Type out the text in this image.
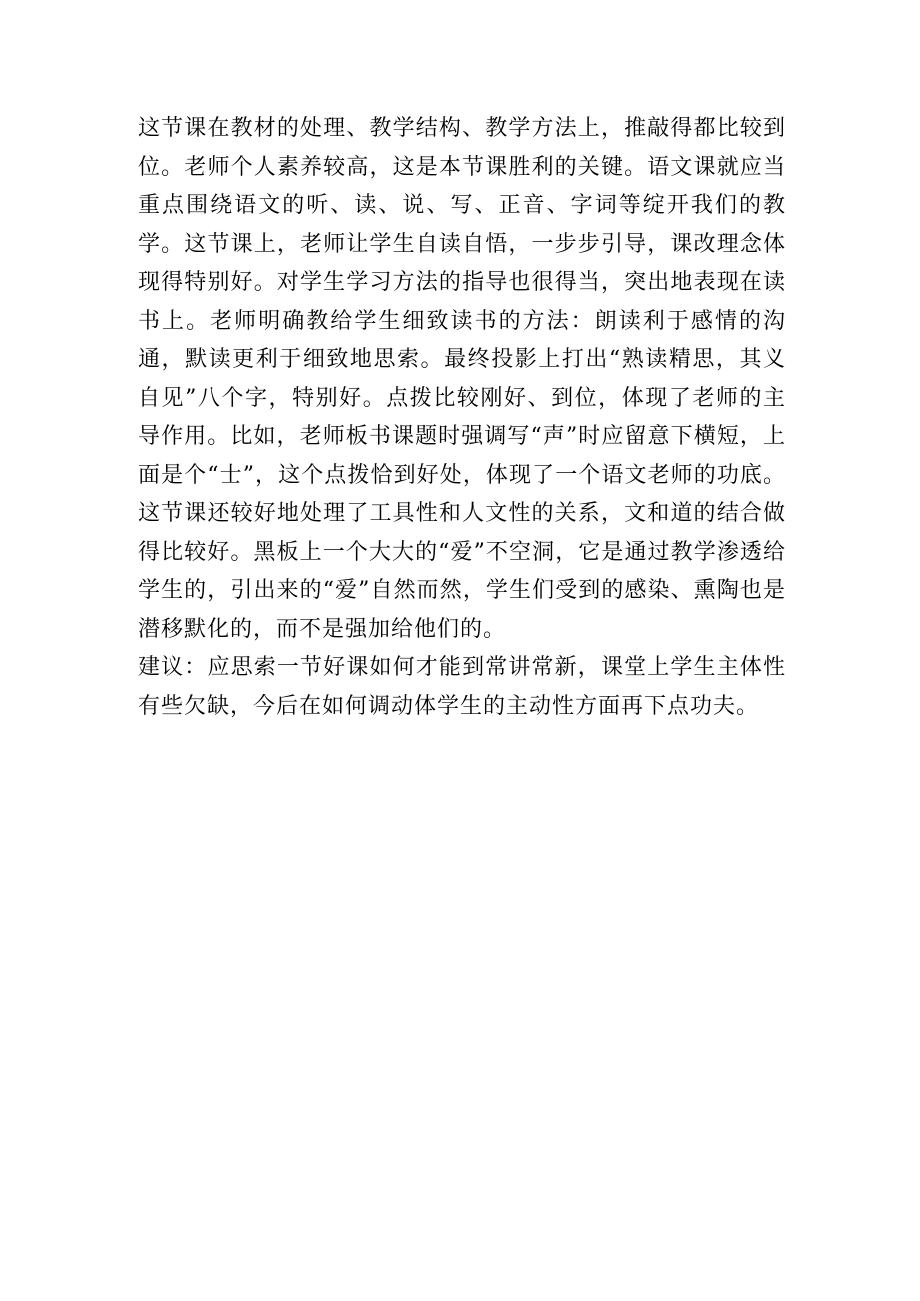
这节课在教材的处理、教学结构、教学方法上，推敲得都比较到位。老师个人素养较高，这是本节课胜利的关键。语文课就应当重点围绕语文的听、读、说、写、正音、字词等绽开我们的教学。这节课上，老师让学生自读自悟，一步步引导，课改理念体现得特别好。对学生学习方法的指导也很得当，突出地表现在读书上。老师明确教给学生细致读书的方法：朗读利于感情的沟通，默读更利于细致地思索。最终投影上打出“熟读精思，其义自见”八个字，特别好。点拨比较刚好、到位，体现了老师的主导作用。比如，老师板书课题时强调写“声”时应留意下横短，上面是个“士”，这个点拨恰到好处，体现了一个语文老师的功底。这节课还较好地处理了工具性和人文性的关系，文和道的结合做得比较好。黑板上一个大大的“爱”不空洞，它是通过教学渗透给学生的，引出来的“爱”自然而然，学生们受到的感染、熏陶也是潜移默化的，而不是强加给他们的。

建议：应思索一节好课如何才能到常讲常新，课堂上学生主体性有些欠缺，今后在如何调动体学生的主动性方面再下点功夫。
